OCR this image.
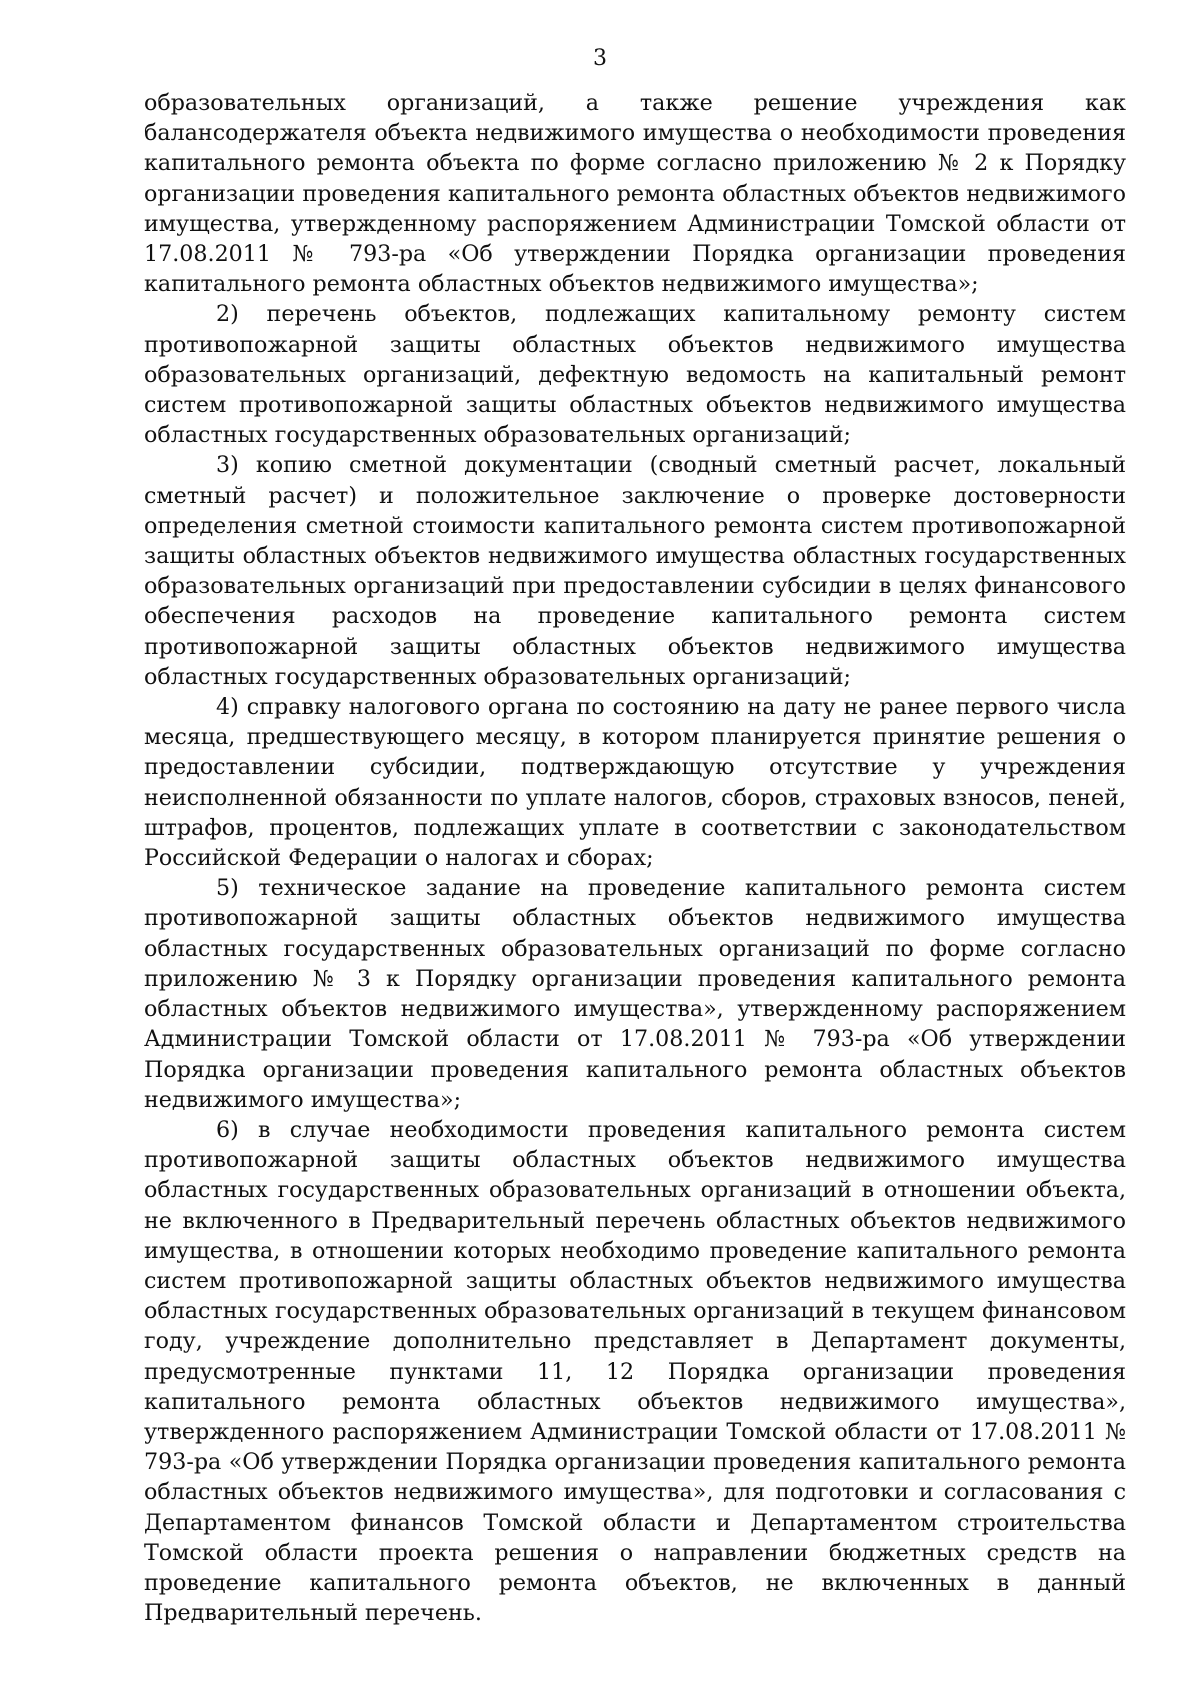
3

образовательных организаций, а также решение учреждения как балансодержателя объекта недвижимого имущества о необходимости проведения капитального ремонта объекта по форме согласно приложению № 2 к Порядку организации проведения капитального ремонта областных объектов недвижимого имущества, утвержденному распоряжением Администрации Томской области от 17.08.2011 № 793-ра «Об утверждении Порядка организации проведения капитального ремонта областных объектов недвижимого имущества»;

2) перечень объектов, подлежащих капитальному ремонту систем противопожарной защиты областных объектов недвижимого имущества образовательных организаций, дефектную ведомость на капитальный ремонт систем противопожарной защиты областных объектов недвижимого имущества областных государственных образовательных организаций;

3) копию сметной документации (сводный сметный расчет, локальный сметный расчет) и положительное заключение о проверке достоверности определения сметной стоимости капитального ремонта систем противопожарной защиты областных объектов недвижимого имущества областных государственных образовательных организаций при предоставлении субсидии в целях финансового обеспечения расходов на проведение капитального ремонта систем противопожарной защиты областных объектов недвижимого имущества областных государственных образовательных организаций;

4) справку налогового органа по состоянию на дату не ранее первого числа месяца, предшествующего месяцу, в котором планируется принятие решения о предоставлении субсидии, подтверждающую отсутствие у учреждения неисполненной обязанности по уплате налогов, сборов, страховых взносов, пеней, штрафов, процентов, подлежащих уплате в соответствии с законодательством Российской Федерации о налогах и сборах;

5) техническое задание на проведение капитального ремонта систем противопожарной защиты областных объектов недвижимого имущества областных государственных образовательных организаций по форме согласно приложению № 3 к Порядку организации проведения капитального ремонта областных объектов недвижимого имущества», утвержденному распоряжением Администрации Томской области от 17.08.2011 № 793-ра «Об утверждении Порядка организации проведения капитального ремонта областных объектов недвижимого имущества»;

6) в случае необходимости проведения капитального ремонта систем противопожарной защиты областных объектов недвижимого имущества областных государственных образовательных организаций в отношении объекта, не включенного в Предварительный перечень областных объектов недвижимого имущества, в отношении которых необходимо проведение капитального ремонта систем противопожарной защиты областных объектов недвижимого имущества областных государственных образовательных организаций в текущем финансовом году, учреждение дополнительно представляет в Департамент документы, предусмотренные пунктами 11, 12 Порядка организации проведения капитального ремонта областных объектов недвижимого имущества», утвержденного распоряжением Администрации Томской области от 17.08.2011 № 793-ра «Об утверждении Порядка организации проведения капитального ремонта областных объектов недвижимого имущества», для подготовки и согласования с Департаментом финансов Томской области и Департаментом строительства Томской области проекта решения о направлении бюджетных средств на проведение капитального ремонта объектов, не включенных в данный Предварительный перечень.
